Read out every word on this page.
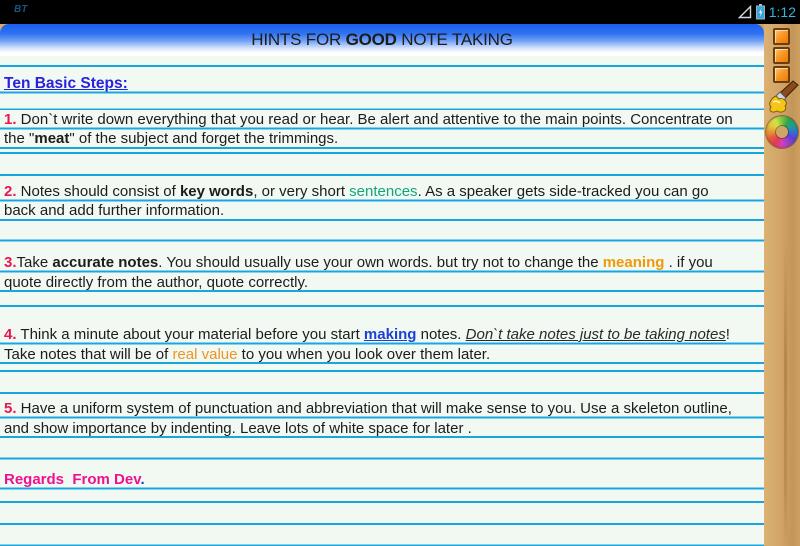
BT	1:12
HINTS FOR GOOD NOTE TAKING
Ten Basic Steps:
1. Don`t write down everything that you read or hear. Be alert and attentive to the main points. Concentrate on
the "meat" of the subject and forget the trimmings.
2. Notes should consist of key words, or very short sentences. As a speaker gets side-tracked you can go
back and add further information.
3.Take accurate notes. You should usually use your own words. but try not to change the meaning . if you
quote directly from the author, quote correctly.
4. Think a minute about your material before you start making notes. Don`t take notes just to be taking notes!
Take notes that will be of real value to you when you look over them later.
5. Have a uniform system of punctuation and abbreviation that will make sense to you. Use a skeleton outline,
and show importance by indenting. Leave lots of white space for later .
Regards  From Dev.
